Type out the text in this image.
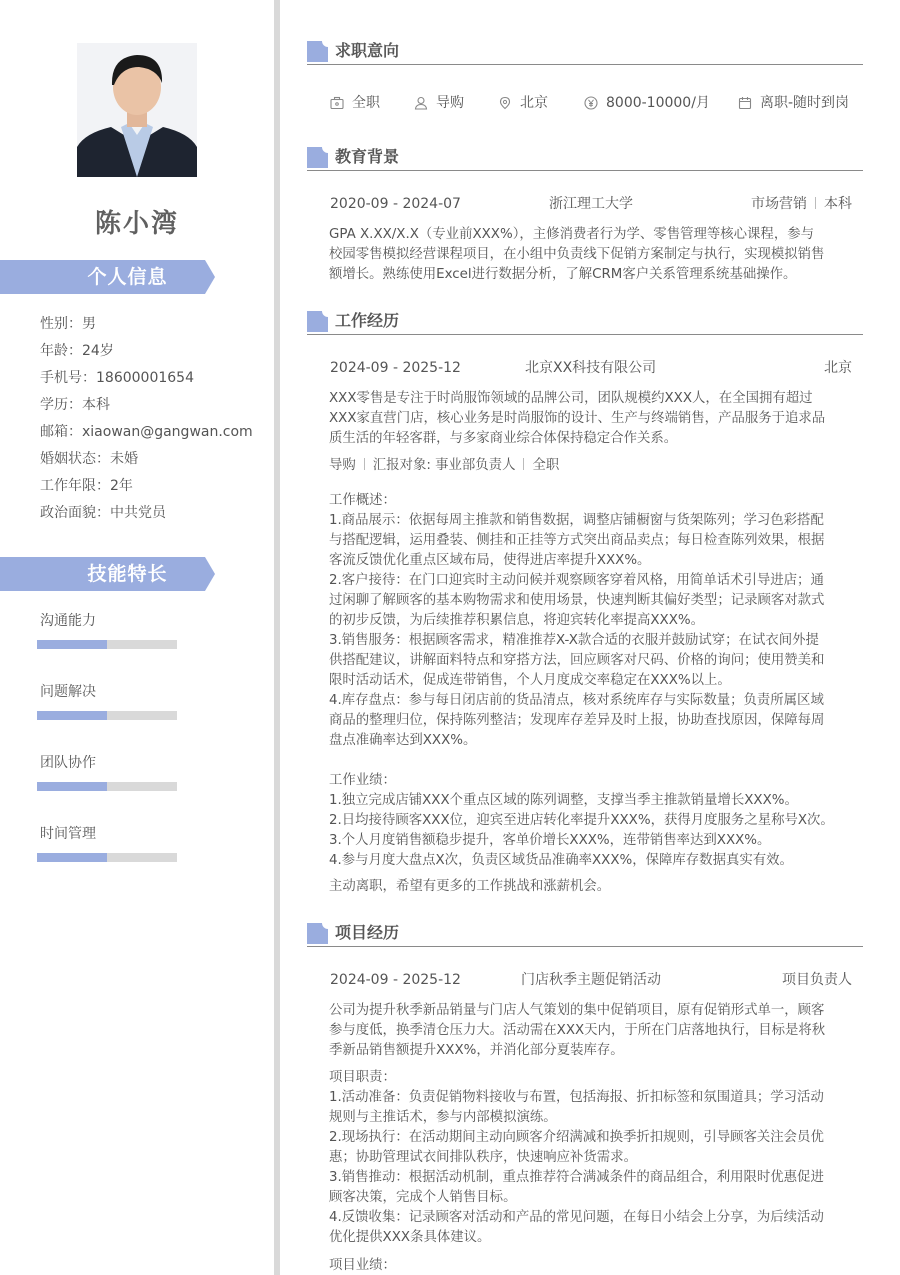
陈小湾
个人信息
性别：男
年龄：24岁
手机号：18600001654
学历：本科
邮箱：xiaowan@gangwan.com
婚姻状态：未婚
工作年限：2年
政治面貌：中共党员
技能特长
沟通能力
问题解决
团队协作
时间管理
求职意向
全职	导购	北京	8000-10000/月	离职-随时到岗
教育背景
2020-09 - 2024-07	浙江理工大学	市场营销 本科
GPA X.XX/X.X（专业前XXX%），主修消费者行为学、零售管理等核心课程，参与
校园零售模拟经营课程项目，在小组中负责线下促销方案制定与执行，实现模拟销售
额增长。熟练使用Excel进行数据分析，了解CRM客户关系管理系统基础操作。
工作经历
2024-09 - 2025-12	北京XX科技有限公司	北京
XXX零售是专注于时尚服饰领域的品牌公司，团队规模约XXX人，在全国拥有超过
XXX家直营门店，核心业务是时尚服饰的设计、生产与终端销售，产品服务于追求品
质生活的年轻客群，与多家商业综合体保持稳定合作关系。
导购 汇报对象: 事业部负责人 全职
工作概述：
1.商品展示：依据每周主推款和销售数据，调整店铺橱窗与货架陈列；学习色彩搭配
与搭配逻辑，运用叠装、侧挂和正挂等方式突出商品卖点；每日检查陈列效果，根据
客流反馈优化重点区域布局，使得进店率提升XXX%。
2.客户接待：在门口迎宾时主动问候并观察顾客穿着风格，用简单话术引导进店；通
过闲聊了解顾客的基本购物需求和使用场景，快速判断其偏好类型；记录顾客对款式
的初步反馈，为后续推荐积累信息，将迎宾转化率提高XXX%。
3.销售服务：根据顾客需求，精准推荐X-X款合适的衣服并鼓励试穿；在试衣间外提
供搭配建议，讲解面料特点和穿搭方法，回应顾客对尺码、价格的询问；使用赞美和
限时活动话术，促成连带销售，个人月度成交率稳定在XXX%以上。
4.库存盘点：参与每日闭店前的货品清点，核对系统库存与实际数量；负责所属区域
商品的整理归位，保持陈列整洁；发现库存差异及时上报，协助查找原因，保障每周
盘点准确率达到XXX%。
工作业绩：
1.独立完成店铺XXX个重点区域的陈列调整，支撑当季主推款销量增长XXX%。
2.日均接待顾客XXX位，迎宾至进店转化率提升XXX%，获得月度服务之星称号X次。
3.个人月度销售额稳步提升，客单价增长XXX%，连带销售率达到XXX%。
4.参与月度大盘点X次，负责区域货品准确率XXX%，保障库存数据真实有效。
主动离职，希望有更多的工作挑战和涨薪机会。
项目经历
2024-09 - 2025-12	门店秋季主题促销活动	项目负责人
公司为提升秋季新品销量与门店人气策划的集中促销项目，原有促销形式单一，顾客
参与度低，换季清仓压力大。活动需在XXX天内，于所在门店落地执行，目标是将秋
季新品销售额提升XXX%，并消化部分夏装库存。
项目职责：
1.活动准备：负责促销物料接收与布置，包括海报、折扣标签和氛围道具；学习活动
规则与主推话术，参与内部模拟演练。
2.现场执行：在活动期间主动向顾客介绍满减和换季折扣规则，引导顾客关注会员优
惠；协助管理试衣间排队秩序，快速响应补货需求。
3.销售推动：根据活动机制，重点推荐符合满减条件的商品组合，利用限时优惠促进
顾客决策，完成个人销售目标。
4.反馈收集：记录顾客对活动和产品的常见问题，在每日小结会上分享，为后续活动
优化提供XXX条具体建议。
项目业绩：
